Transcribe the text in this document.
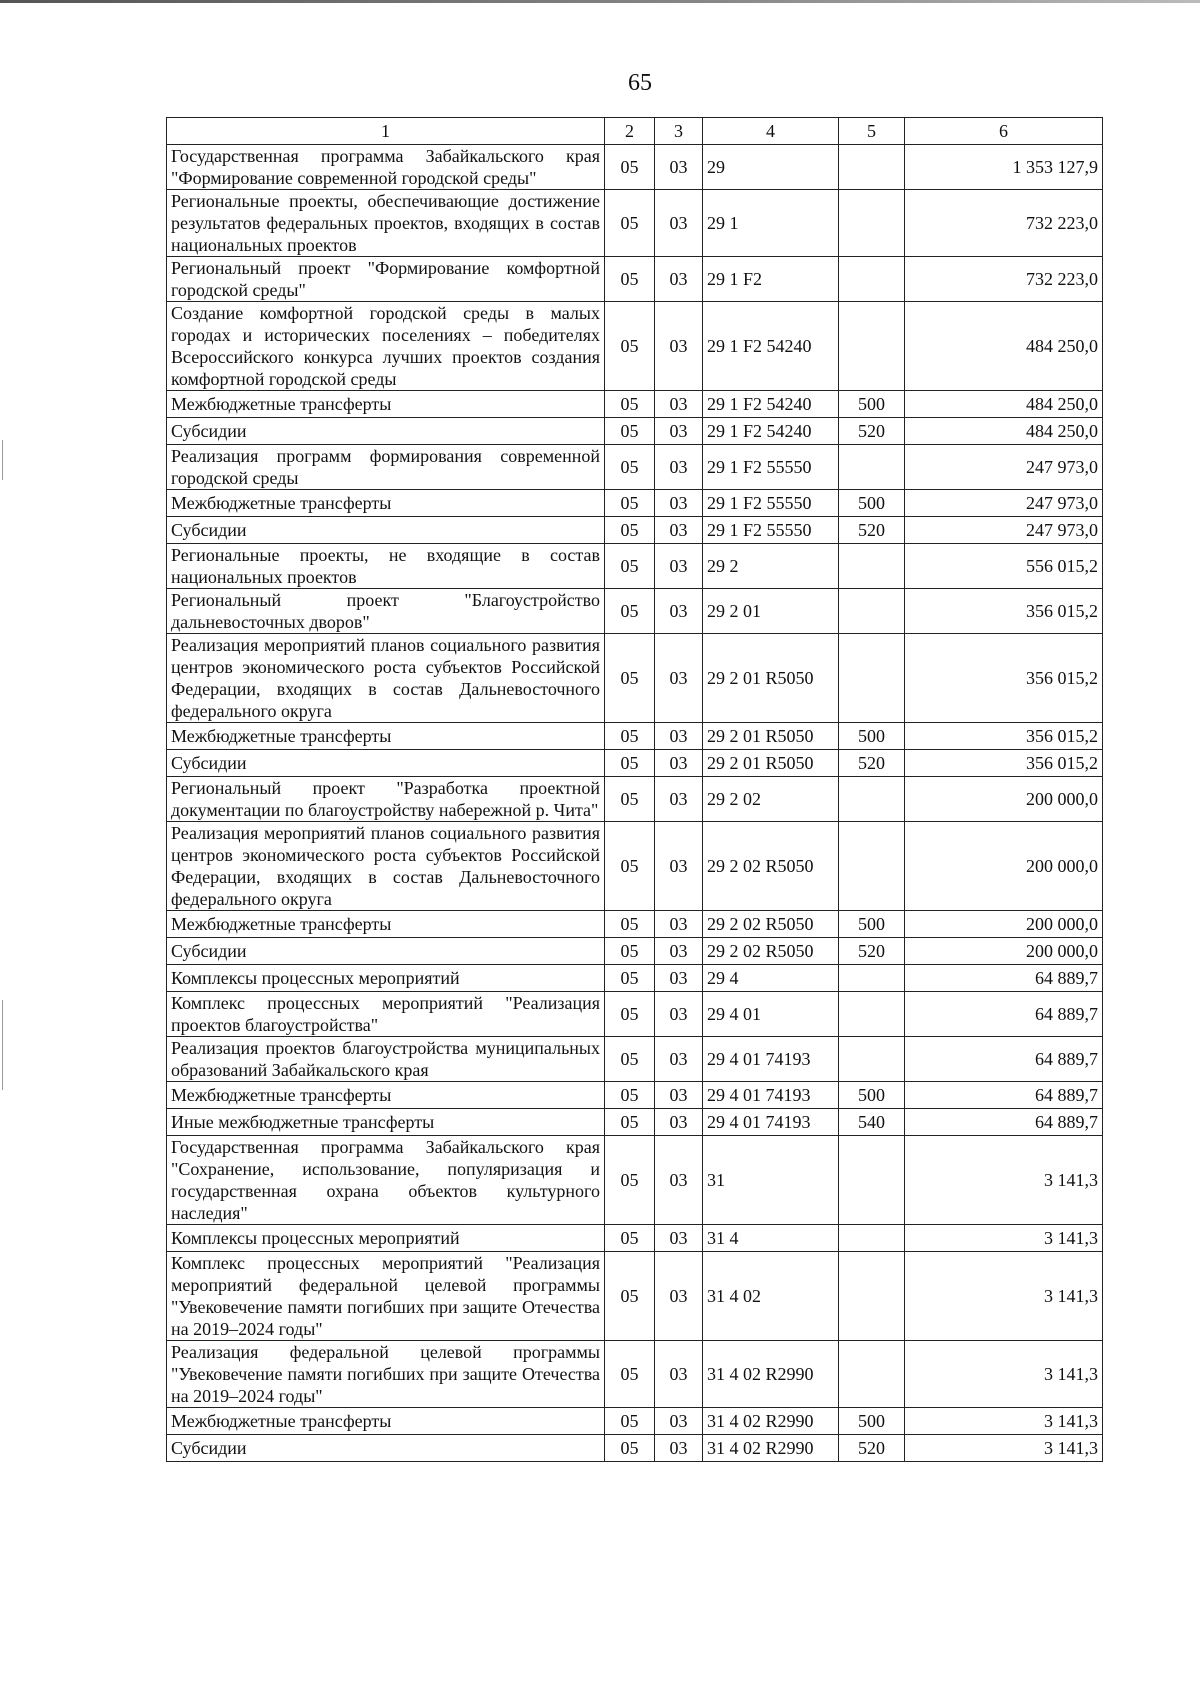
65
1	2	3	4	5	6
Государственная программа Забайкальского края "Формирование современной городской среды"	05	03	29		1 353 127,9
Региональные проекты, обеспечивающие достижение результатов федеральных проектов, входящих в состав национальных проектов	05	03	29 1		732 223,0
Региональный проект "Формирование комфортной городской среды"	05	03	29 1 F2		732 223,0
Создание комфортной городской среды в малых городах и исторических поселениях – победителях Всероссийского конкурса лучших проектов создания комфортной городской среды	05	03	29 1 F2 54240		484 250,0
Межбюджетные трансферты	05	03	29 1 F2 54240	500	484 250,0
Субсидии	05	03	29 1 F2 54240	520	484 250,0
Реализация программ формирования современной городской среды	05	03	29 1 F2 55550		247 973,0
Межбюджетные трансферты	05	03	29 1 F2 55550	500	247 973,0
Субсидии	05	03	29 1 F2 55550	520	247 973,0
Региональные проекты, не входящие в состав национальных проектов	05	03	29 2		556 015,2
Региональный проект "Благоустройство дальневосточных дворов"	05	03	29 2 01		356 015,2
Реализация мероприятий планов социального развития центров экономического роста субъектов Российской Федерации, входящих в состав Дальневосточного федерального округа	05	03	29 2 01 R5050		356 015,2
Межбюджетные трансферты	05	03	29 2 01 R5050	500	356 015,2
Субсидии	05	03	29 2 01 R5050	520	356 015,2
Региональный проект "Разработка проектной документации по благоустройству набережной р. Чита"	05	03	29 2 02		200 000,0
Реализация мероприятий планов социального развития центров экономического роста субъектов Российской Федерации, входящих в состав Дальневосточного федерального округа	05	03	29 2 02 R5050		200 000,0
Межбюджетные трансферты	05	03	29 2 02 R5050	500	200 000,0
Субсидии	05	03	29 2 02 R5050	520	200 000,0
Комплексы процессных мероприятий	05	03	29 4		64 889,7
Комплекс процессных мероприятий "Реализация проектов благоустройства"	05	03	29 4 01		64 889,7
Реализация проектов благоустройства муниципальных образований Забайкальского края	05	03	29 4 01 74193		64 889,7
Межбюджетные трансферты	05	03	29 4 01 74193	500	64 889,7
Иные межбюджетные трансферты	05	03	29 4 01 74193	540	64 889,7
Государственная программа Забайкальского края "Сохранение, использование, популяризация и государственная охрана объектов культурного наследия"	05	03	31		3 141,3
Комплексы процессных мероприятий	05	03	31 4		3 141,3
Комплекс процессных мероприятий "Реализация мероприятий федеральной целевой программы "Увековечение памяти погибших при защите Отечества на 2019–2024 годы"	05	03	31 4 02		3 141,3
Реализация федеральной целевой программы "Увековечение памяти погибших при защите Отечества на 2019–2024 годы"	05	03	31 4 02 R2990		3 141,3
Межбюджетные трансферты	05	03	31 4 02 R2990	500	3 141,3
Субсидии	05	03	31 4 02 R2990	520	3 141,3
